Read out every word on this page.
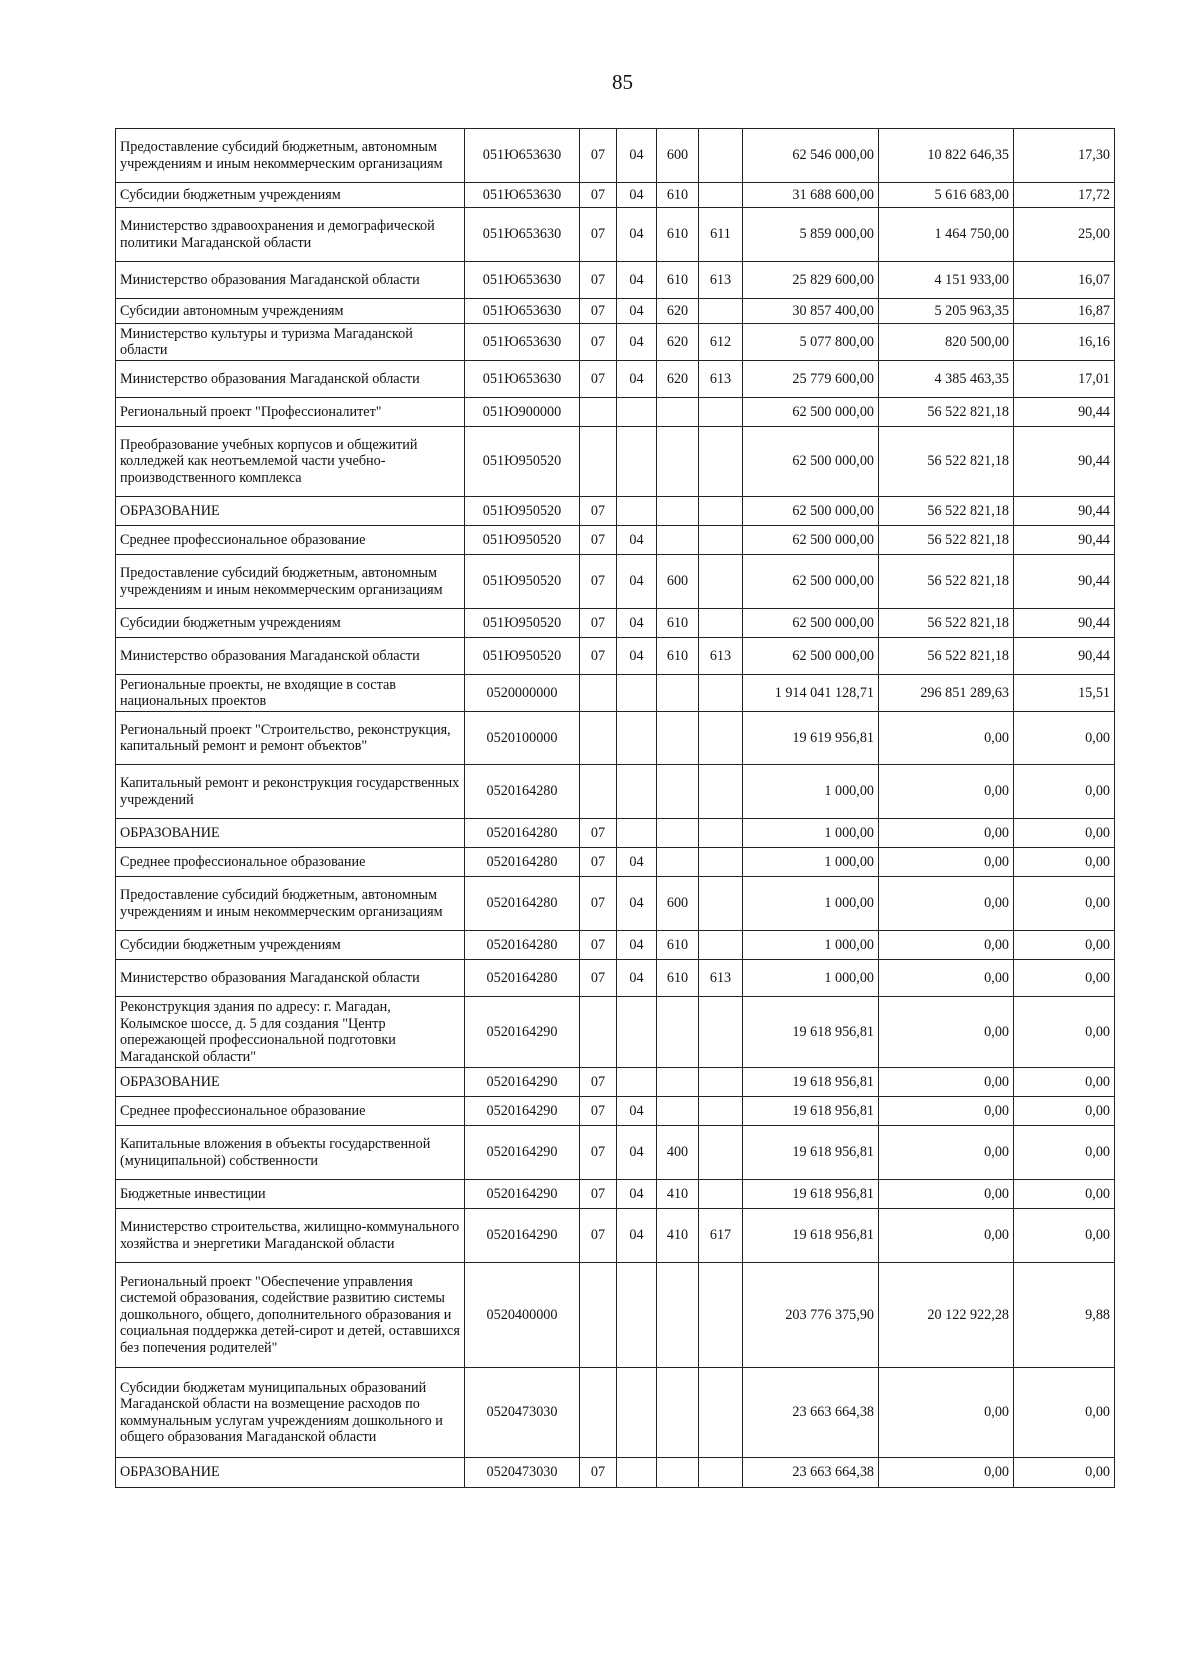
85
Предоставление субсидий бюджетным, автономным учреждениям и иным некоммерческим организациям	051Ю653630	07	04	600		62 546 000,00	10 822 646,35	17,30
Субсидии бюджетным учреждениям	051Ю653630	07	04	610		31 688 600,00	5 616 683,00	17,72
Министерство здравоохранения и демографической политики Магаданской области	051Ю653630	07	04	610	611	5 859 000,00	1 464 750,00	25,00
Министерство образования Магаданской области	051Ю653630	07	04	610	613	25 829 600,00	4 151 933,00	16,07
Субсидии автономным учреждениям	051Ю653630	07	04	620		30 857 400,00	5 205 963,35	16,87
Министерство культуры и туризма Магаданской области	051Ю653630	07	04	620	612	5 077 800,00	820 500,00	16,16
Министерство образования Магаданской области	051Ю653630	07	04	620	613	25 779 600,00	4 385 463,35	17,01
Региональный проект "Профессионалитет"	051Ю900000					62 500 000,00	56 522 821,18	90,44
Преобразование учебных корпусов и общежитий колледжей как неотъемлемой части учебно-производственного комплекса	051Ю950520					62 500 000,00	56 522 821,18	90,44
ОБРАЗОВАНИЕ	051Ю950520	07				62 500 000,00	56 522 821,18	90,44
Среднее профессиональное образование	051Ю950520	07	04			62 500 000,00	56 522 821,18	90,44
Предоставление субсидий бюджетным, автономным учреждениям и иным некоммерческим организациям	051Ю950520	07	04	600		62 500 000,00	56 522 821,18	90,44
Субсидии бюджетным учреждениям	051Ю950520	07	04	610		62 500 000,00	56 522 821,18	90,44
Министерство образования Магаданской области	051Ю950520	07	04	610	613	62 500 000,00	56 522 821,18	90,44
Региональные проекты, не входящие в состав национальных проектов	0520000000					1 914 041 128,71	296 851 289,63	15,51
Региональный проект "Строительство, реконструкция, капитальный ремонт и ремонт объектов"	0520100000					19 619 956,81	0,00	0,00
Капитальный ремонт и реконструкция государственных учреждений	0520164280					1 000,00	0,00	0,00
ОБРАЗОВАНИЕ	0520164280	07				1 000,00	0,00	0,00
Среднее профессиональное образование	0520164280	07	04			1 000,00	0,00	0,00
Предоставление субсидий бюджетным, автономным учреждениям и иным некоммерческим организациям	0520164280	07	04	600		1 000,00	0,00	0,00
Субсидии бюджетным учреждениям	0520164280	07	04	610		1 000,00	0,00	0,00
Министерство образования Магаданской области	0520164280	07	04	610	613	1 000,00	0,00	0,00
Реконструкция здания по адресу: г. Магадан, Колымское шоссе, д. 5 для создания "Центр опережающей профессиональной подготовки Магаданской области"	0520164290					19 618 956,81	0,00	0,00
ОБРАЗОВАНИЕ	0520164290	07				19 618 956,81	0,00	0,00
Среднее профессиональное образование	0520164290	07	04			19 618 956,81	0,00	0,00
Капитальные вложения в объекты государственной (муниципальной) собственности	0520164290	07	04	400		19 618 956,81	0,00	0,00
Бюджетные инвестиции	0520164290	07	04	410		19 618 956,81	0,00	0,00
Министерство строительства, жилищно-коммунального хозяйства и энергетики Магаданской области	0520164290	07	04	410	617	19 618 956,81	0,00	0,00
Региональный проект "Обеспечение управления системой образования, содействие развитию системы дошкольного, общего, дополнительного образования и социальная поддержка детей-сирот и детей, оставшихся без попечения родителей"	0520400000					203 776 375,90	20 122 922,28	9,88
Субсидии бюджетам муниципальных образований Магаданской области на возмещение расходов по коммунальным услугам учреждениям дошкольного и общего образования Магаданской области	0520473030					23 663 664,38	0,00	0,00
ОБРАЗОВАНИЕ	0520473030	07				23 663 664,38	0,00	0,00
